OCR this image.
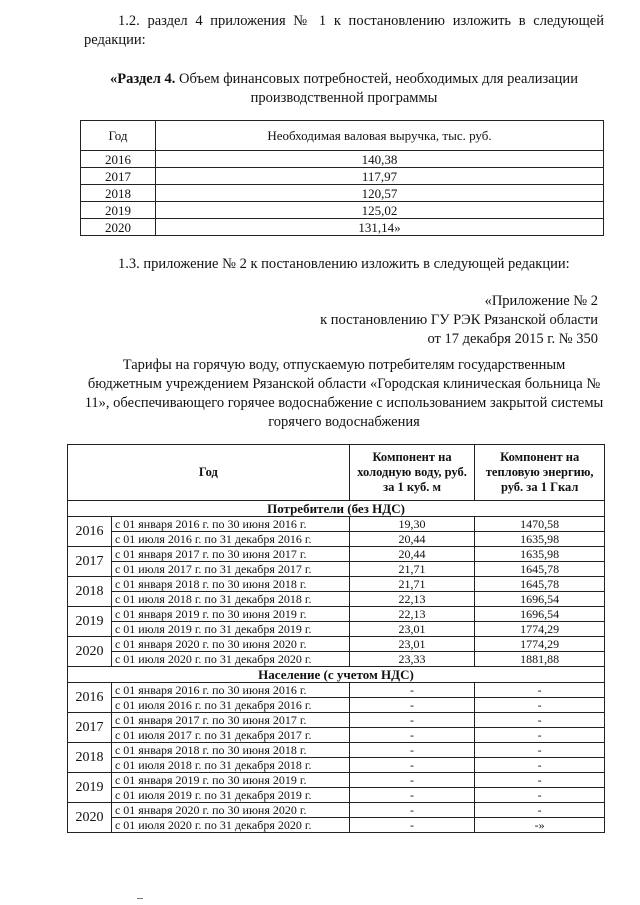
1.2. раздел 4 приложения № 1 к постановлению изложить в следующей редакции:
«Раздел 4. Объем финансовых потребностей, необходимых для реализации производственной программы
Год	Необходимая валовая выручка, тыс. руб.
2016	140,38
2017	117,97
2018	120,57
2019	125,02
2020	131,14»
1.3. приложение № 2 к постановлению изложить в следующей редакции:
«Приложение № 2
к постановлению ГУ РЭК Рязанской области
от 17 декабря 2015 г. № 350
Тарифы на горячую воду, отпускаемую потребителям государственным бюджетным учреждением Рязанской области «Городская клиническая больница № 11», обеспечивающего горячее водоснабжение с использованием закрытой системы горячего водоснабжения
Год		Компонент на холодную воду, руб. за 1 куб. м	Компонент на тепловую энергию, руб. за 1 Гкал
Потребители (без НДС)			
2016	с 01 января 2016 г. по 30 июня 2016 г.	19,30	1470,58
	с 01 июля 2016 г. по 31 декабря 2016 г.	20,44	1635,98
2017	с 01 января 2017 г. по 30 июня 2017 г.	20,44	1635,98
	с 01 июля 2017 г. по 31 декабря 2017 г.	21,71	1645,78
2018	с 01 января 2018 г. по 30 июня 2018 г.	21,71	1645,78
	с 01 июля 2018 г. по 31 декабря 2018 г.	22,13	1696,54
2019	с 01 января 2019 г. по 30 июня 2019 г.	22,13	1696,54
	с 01 июля 2019 г. по 31 декабря 2019 г.	23,01	1774,29
2020	с 01 января 2020 г. по 30 июня 2020 г.	23,01	1774,29
	с 01 июля 2020 г. по 31 декабря 2020 г.	23,33	1881,88
Население (с учетом НДС)			
2016	с 01 января 2016 г. по 30 июня 2016 г.	-	-
	с 01 июля 2016 г. по 31 декабря 2016 г.	-	-
2017	с 01 января 2017 г. по 30 июня 2017 г.	-	-
	с 01 июля 2017 г. по 31 декабря 2017 г.	-	-
2018	с 01 января 2018 г. по 30 июня 2018 г.	-	-
	с 01 июля 2018 г. по 31 декабря 2018 г.	-	-
2019	с 01 января 2019 г. по 30 июня 2019 г.	-	-
	с 01 июля 2019 г. по 31 декабря 2019 г.	-	-
2020	с 01 января 2020 г. по 30 июня 2020 г.	-	-
	с 01 июля 2020 г. по 31 декабря 2020 г.	-	-»
